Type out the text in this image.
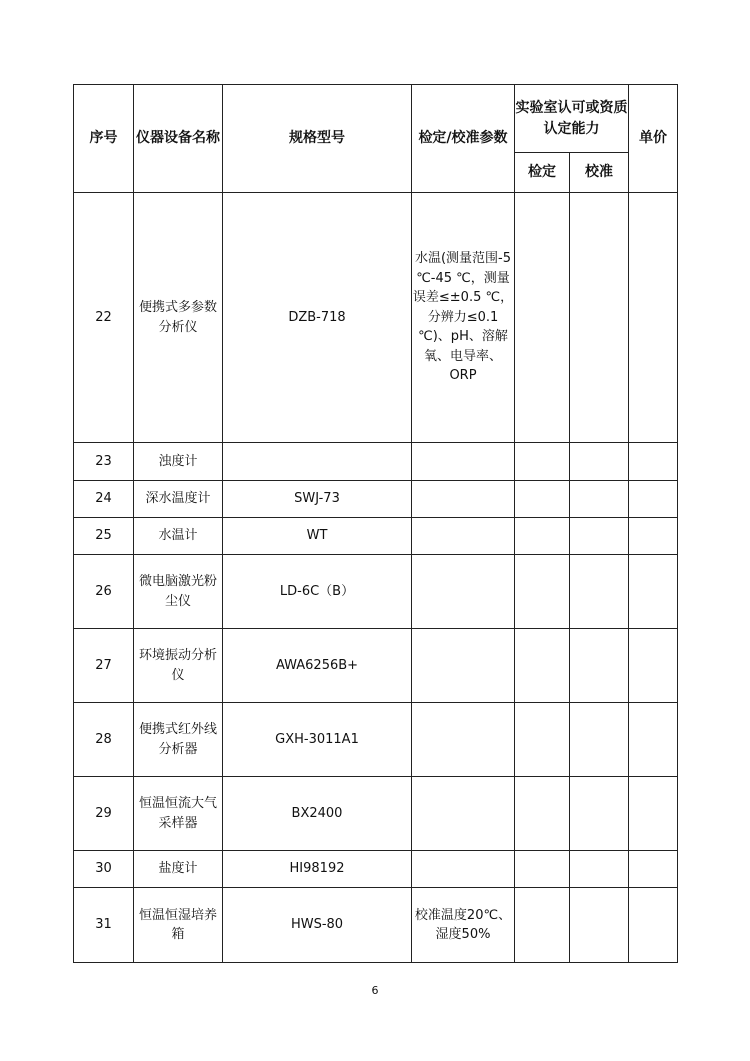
序号	仪器设备名称	规格型号	检定/校准参数	实验室认可或资质认定能力		单价
				检定	校准	
22	便携式多参数分析仪	DZB-718	水温(测量范围-5 ℃-45 ℃，测量误差≤±0.5 ℃，分辨力≤0.1 ℃)、pH、溶解氧、电导率、ORP			
23	浊度计					
24	深水温度计	SWJ-73				
25	水温计	WT				
26	微电脑激光粉尘仪	LD-6C（B）				
27	环境振动分析仪	AWA6256B+				
28	便携式红外线分析器	GXH-3011A1				
29	恒温恒流大气采样器	BX2400				
30	盐度计	HI98192				
31	恒温恒湿培养箱	HWS-80	校准温度20℃、湿度50%			
6
